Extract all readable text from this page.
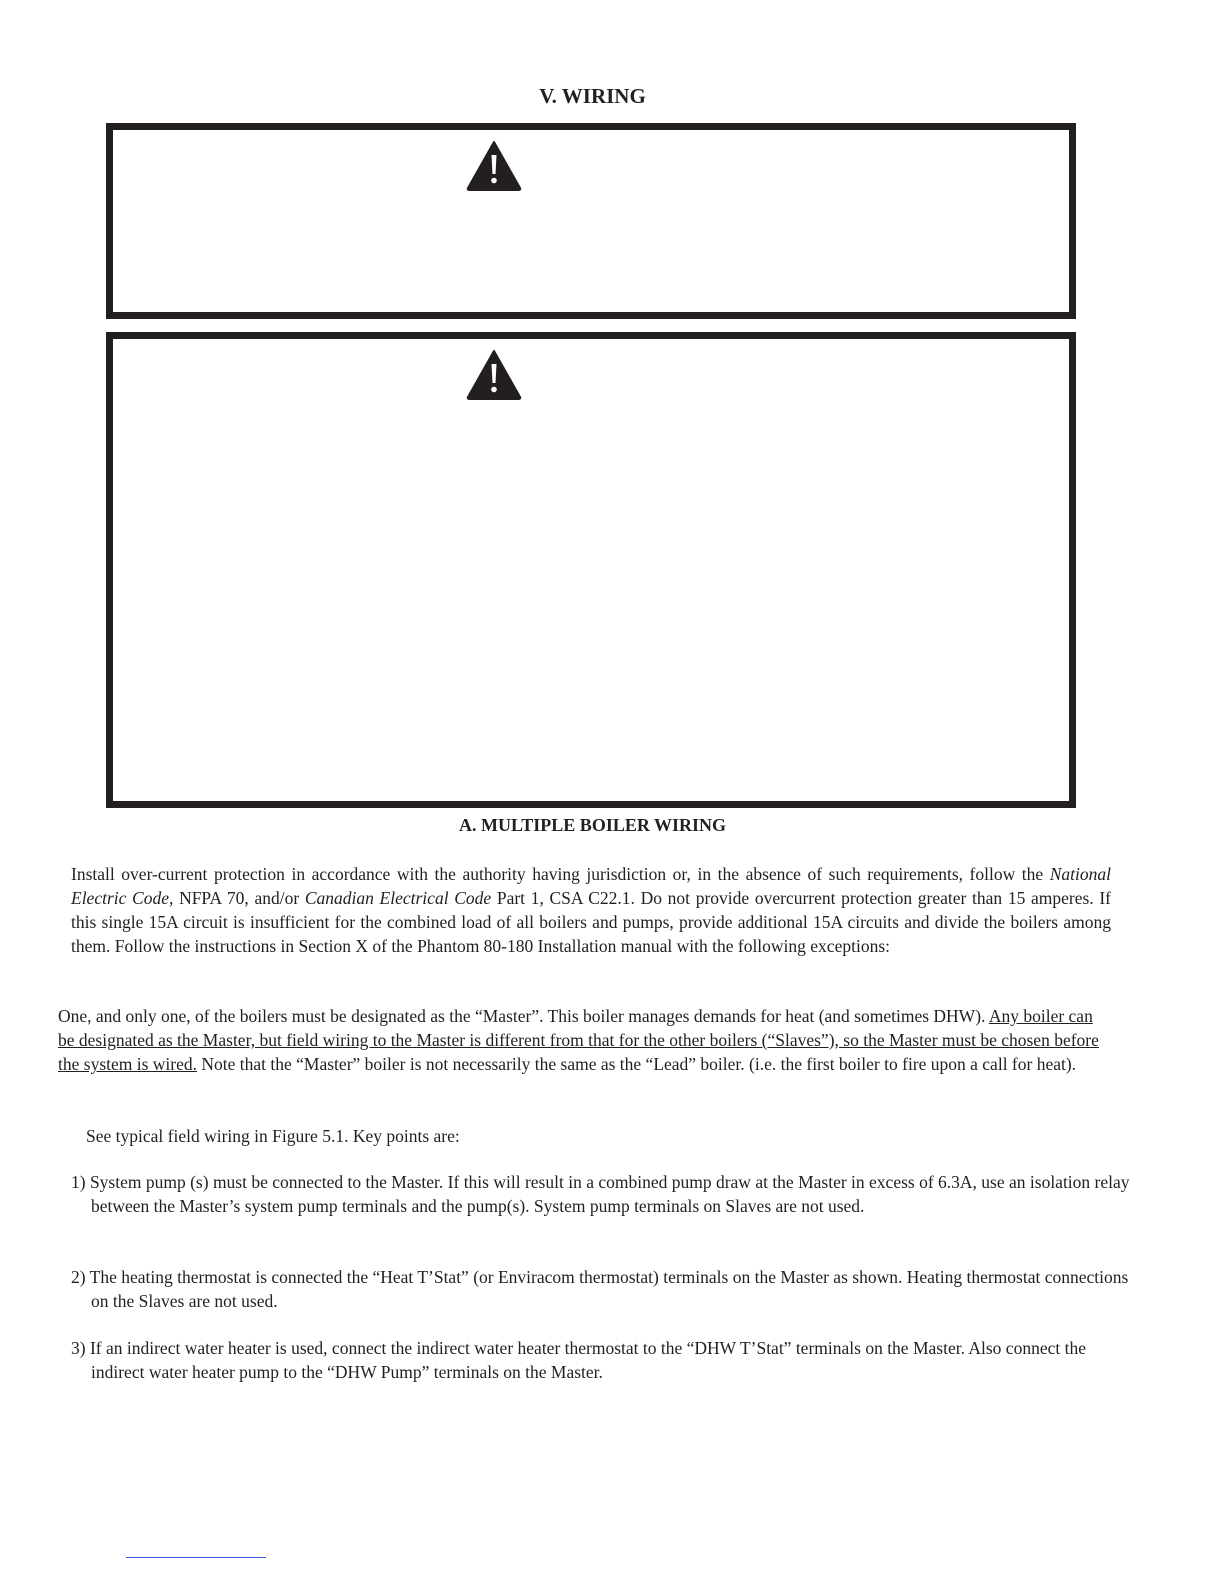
V. WIRING
A. MULTIPLE BOILER WIRING

Install over-current protection in accordance with the authority having jurisdiction or, in the absence of such requirements, follow the National Electric Code, NFPA 70, and/or Canadian Electrical Code Part 1, CSA C22.1. Do not provide overcurrent protection greater than 15 amperes. If this single 15A circuit is insufficient for the combined load of all boilers and pumps, provide additional 15A circuits and divide the boilers among them. Follow the instructions in Section X of the Phantom 80-180 Installation manual with the following exceptions:

One, and only one, of the boilers must be designated as the “Master”. This boiler manages demands for heat (and sometimes DHW). Any boiler can be designated as the Master, but field wiring to the Master is different from that for the other boilers (“Slaves”), so the Master must be chosen before the system is wired. Note that the “Master” boiler is not necessarily the same as the “Lead” boiler. (i.e. the first boiler to fire upon a call for heat).

See typical field wiring in Figure 5.1. Key points are:

1) System pump (s) must be connected to the Master. If this will result in a combined pump draw at the Master in excess of 6.3A, use an isolation relay between the Master’s system pump terminals and the pump(s). System pump terminals on Slaves are not used.

2) The heating thermostat is connected the “Heat T’Stat” (or Enviracom thermostat) terminals on the Master as shown. Heating thermostat connections on the Slaves are not used.

3) If an indirect water heater is used, connect the indirect water heater thermostat to the “DHW T’Stat” terminals on the Master. Also connect the indirect water heater pump to the “DHW Pump” terminals on the Master.
